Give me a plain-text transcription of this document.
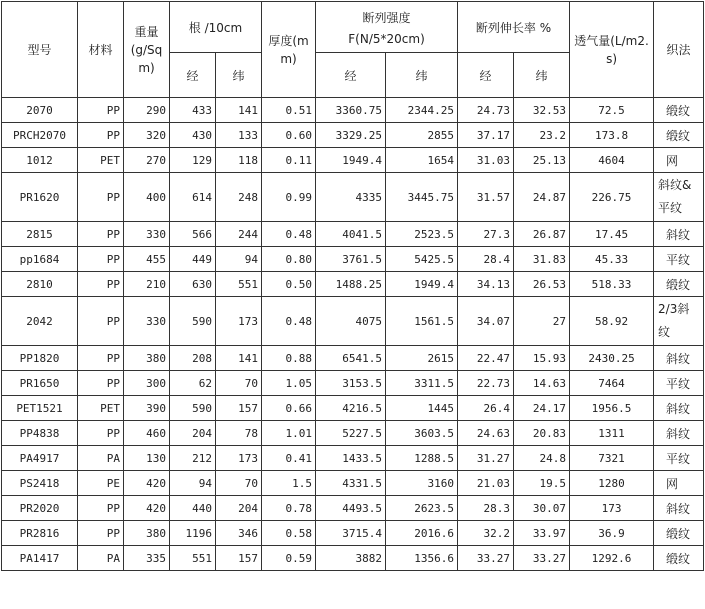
型号	材料	重量(g/Sqm)	根 /10cm		厚度(mm)	断列强度
F(N/5*20cm)		断列伸长率 %		透气量(L/m2.s)	织法
			经	纬		经	纬	经	纬		
2070	PP	290	433	141	0.51	3360.75	2344.25	24.73	32.53	72.5	缎纹
PRCH2070	PP	320	430	133	0.60	3329.25	2855	37.17	23.2	173.8	缎纹
1012	PET	270	129	118	0.11	1949.4	1654	31.03	25.13	4604	网
PR1620	PP	400	614	248	0.99	4335	3445.75	31.57	24.87	226.75	斜纹&平纹
2815	PP	330	566	244	0.48	4041.5	2523.5	27.3	26.87	17.45	斜纹
pp1684	PP	455	449	94	0.80	3761.5	5425.5	28.4	31.83	45.33	平纹
2810	PP	210	630	551	0.50	1488.25	1949.4	34.13	26.53	518.33	缎纹
2042	PP	330	590	173	0.48	4075	1561.5	34.07	27	58.92	2/3斜纹
PP1820	PP	380	208	141	0.88	6541.5	2615	22.47	15.93	2430.25	斜纹
PR1650	PP	300	62	70	1.05	3153.5	3311.5	22.73	14.63	7464	平纹
PET1521	PET	390	590	157	0.66	4216.5	1445	26.4	24.17	1956.5	斜纹
PP4838	PP	460	204	78	1.01	5227.5	3603.5	24.63	20.83	1311	斜纹
PA4917	PA	130	212	173	0.41	1433.5	1288.5	31.27	24.8	7321	平纹
PS2418	PE	420	94	70	1.5	4331.5	3160	21.03	19.5	1280	网
PR2020	PP	420	440	204	0.78	4493.5	2623.5	28.3	30.07	173	斜纹
PR2816	PP	380	1196	346	0.58	3715.4	2016.6	32.2	33.97	36.9	缎纹
PA1417	PA	335	551	157	0.59	3882	1356.6	33.27	33.27	1292.6	缎纹
